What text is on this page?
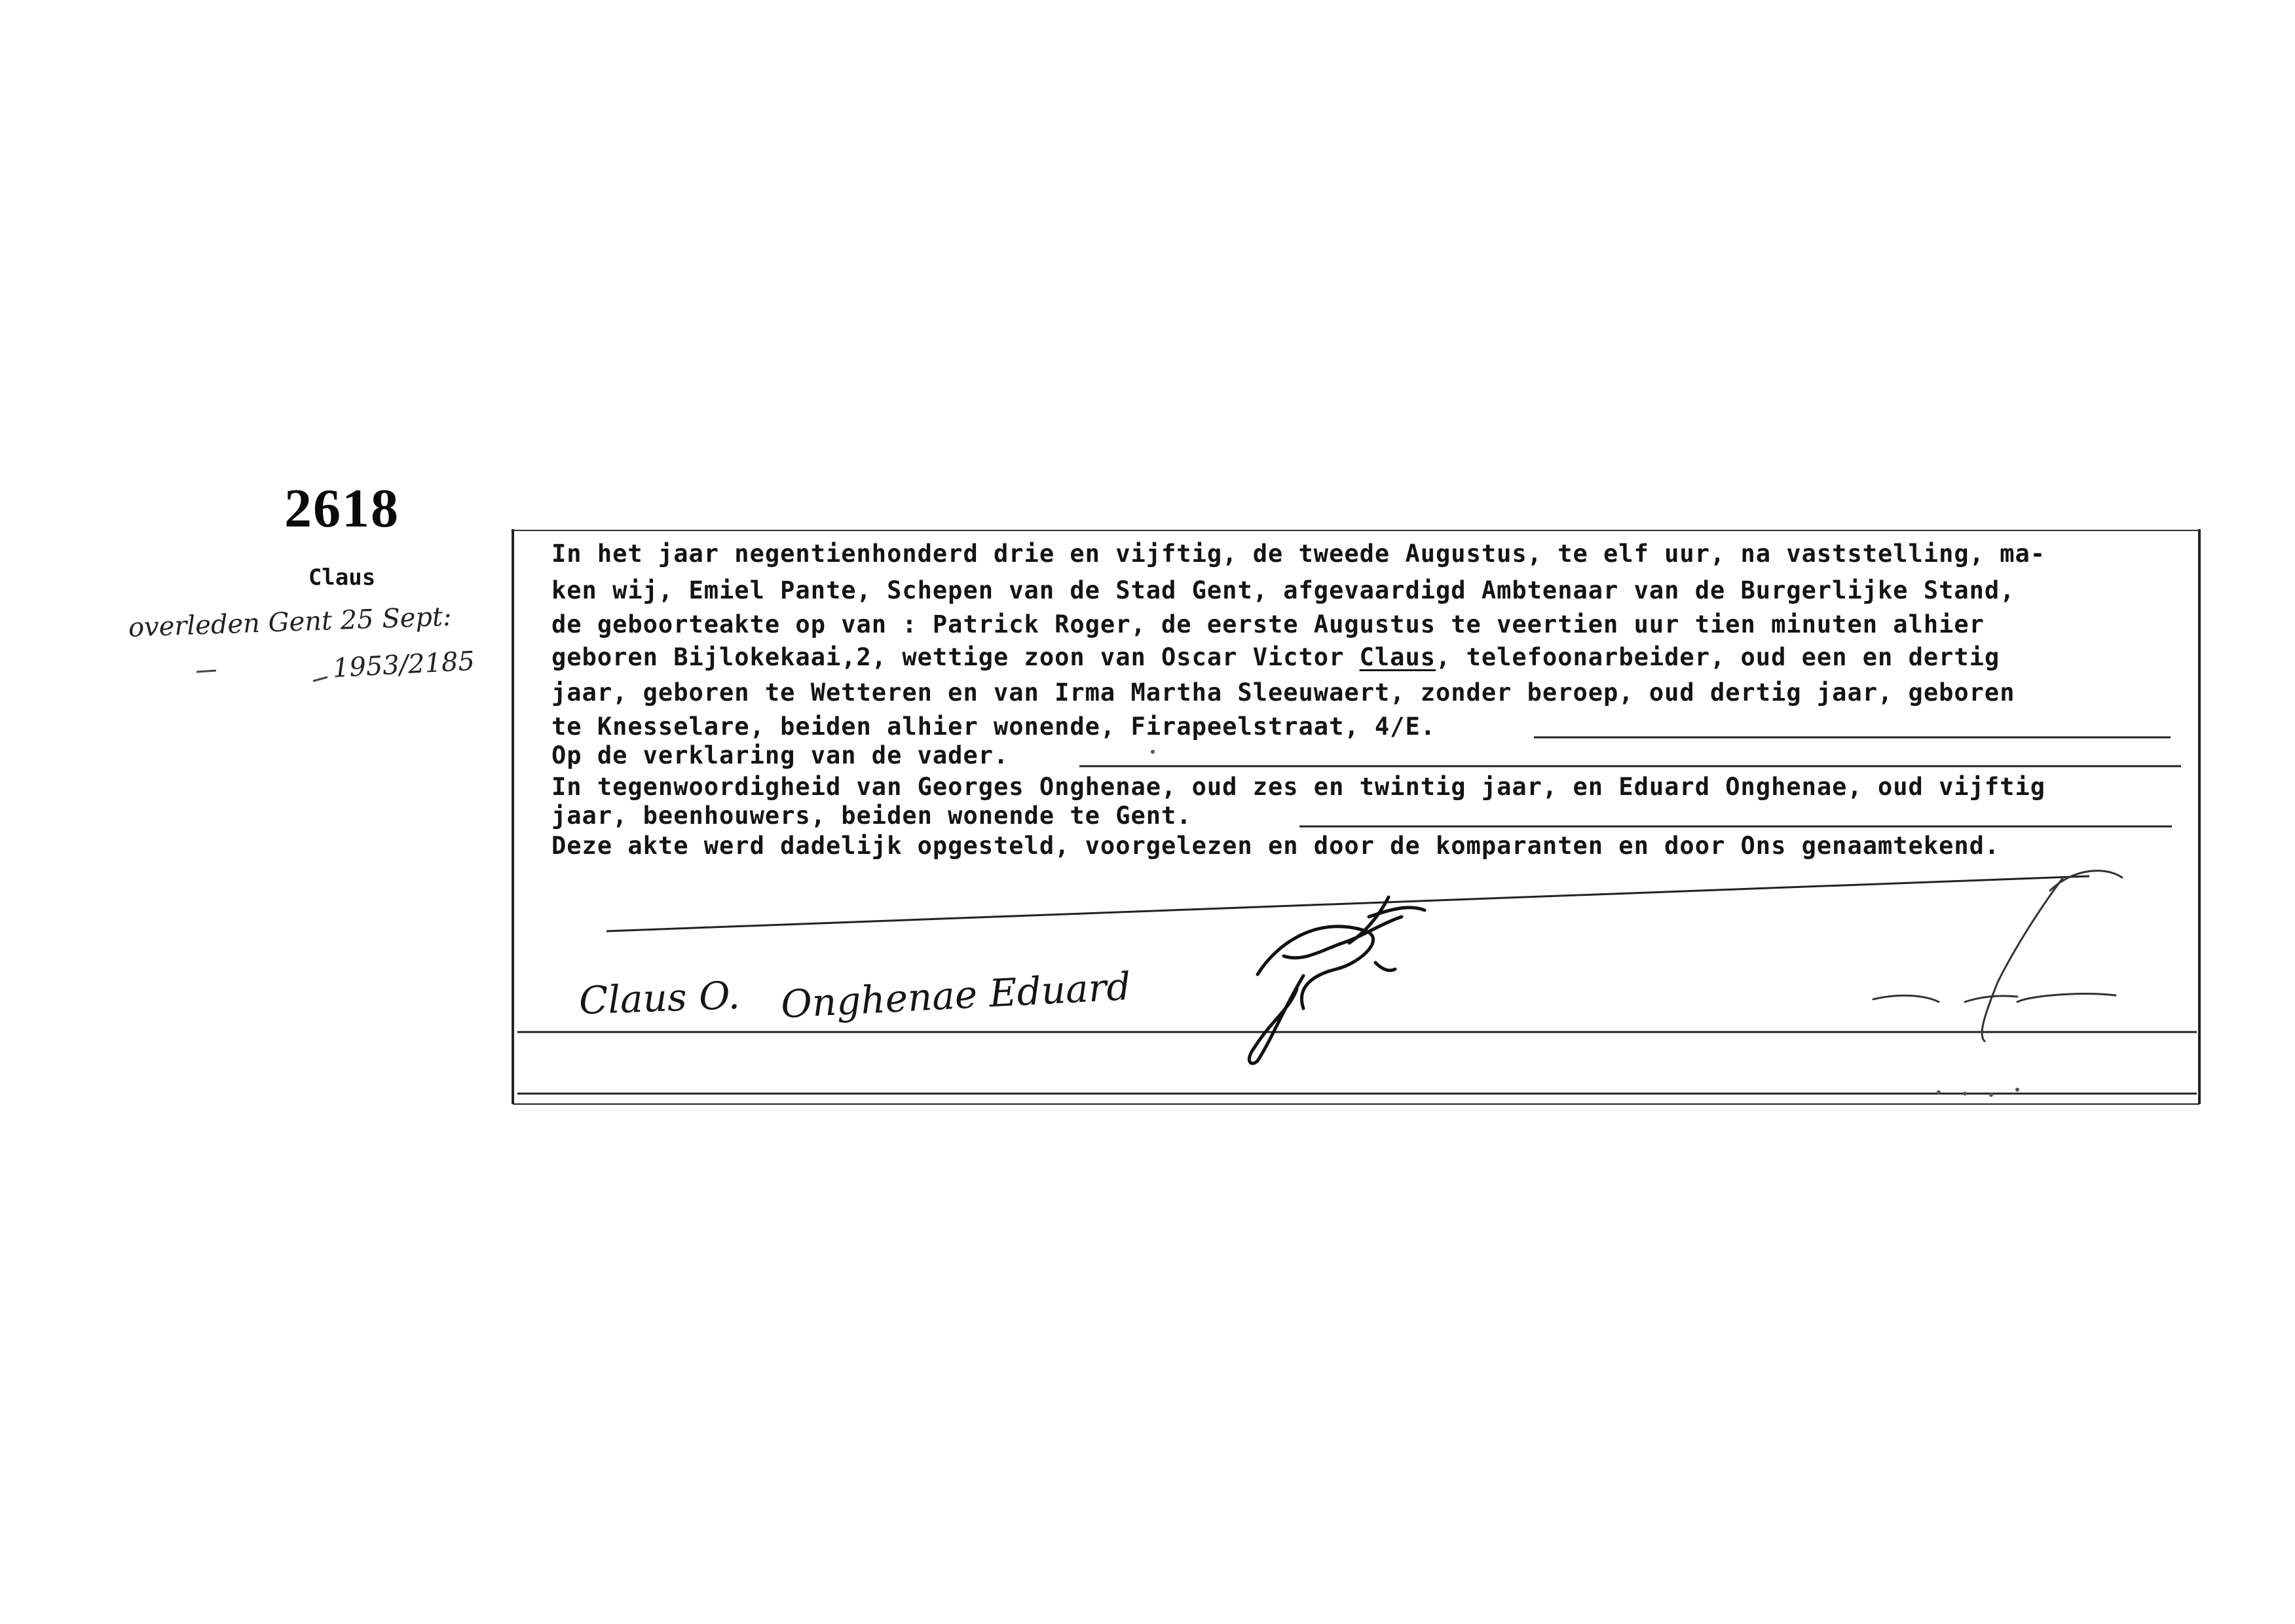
2618
Claus
overleden Gent 25 Sept:
1953/2185
In het jaar negentienhonderd drie en vijftig, de tweede Augustus, te elf uur, na vaststelling, ma-
ken wij, Emiel Pante, Schepen van de Stad Gent, afgevaardigd Ambtenaar van de Burgerlijke Stand,
de geboorteakte op van : Patrick Roger, de eerste Augustus te veertien uur tien minuten alhier
geboren Bijlokekaai,2, wettige zoon van Oscar Victor Claus, telefoonarbeider, oud een en dertig
jaar, geboren te Wetteren en van Irma Martha Sleeuwaert, zonder beroep, oud dertig jaar, geboren
te Knesselare, beiden alhier wonende, Firapeelstraat, 4/E.
Op de verklaring van de vader.
In tegenwoordigheid van Georges Onghenae, oud zes en twintig jaar, en Eduard Onghenae, oud vijftig
jaar, beenhouwers, beiden wonende te Gent.
Deze akte werd dadelijk opgesteld, voorgelezen en door de komparanten en door Ons genaamtekend.
Claus O. Onghenae Eduard
